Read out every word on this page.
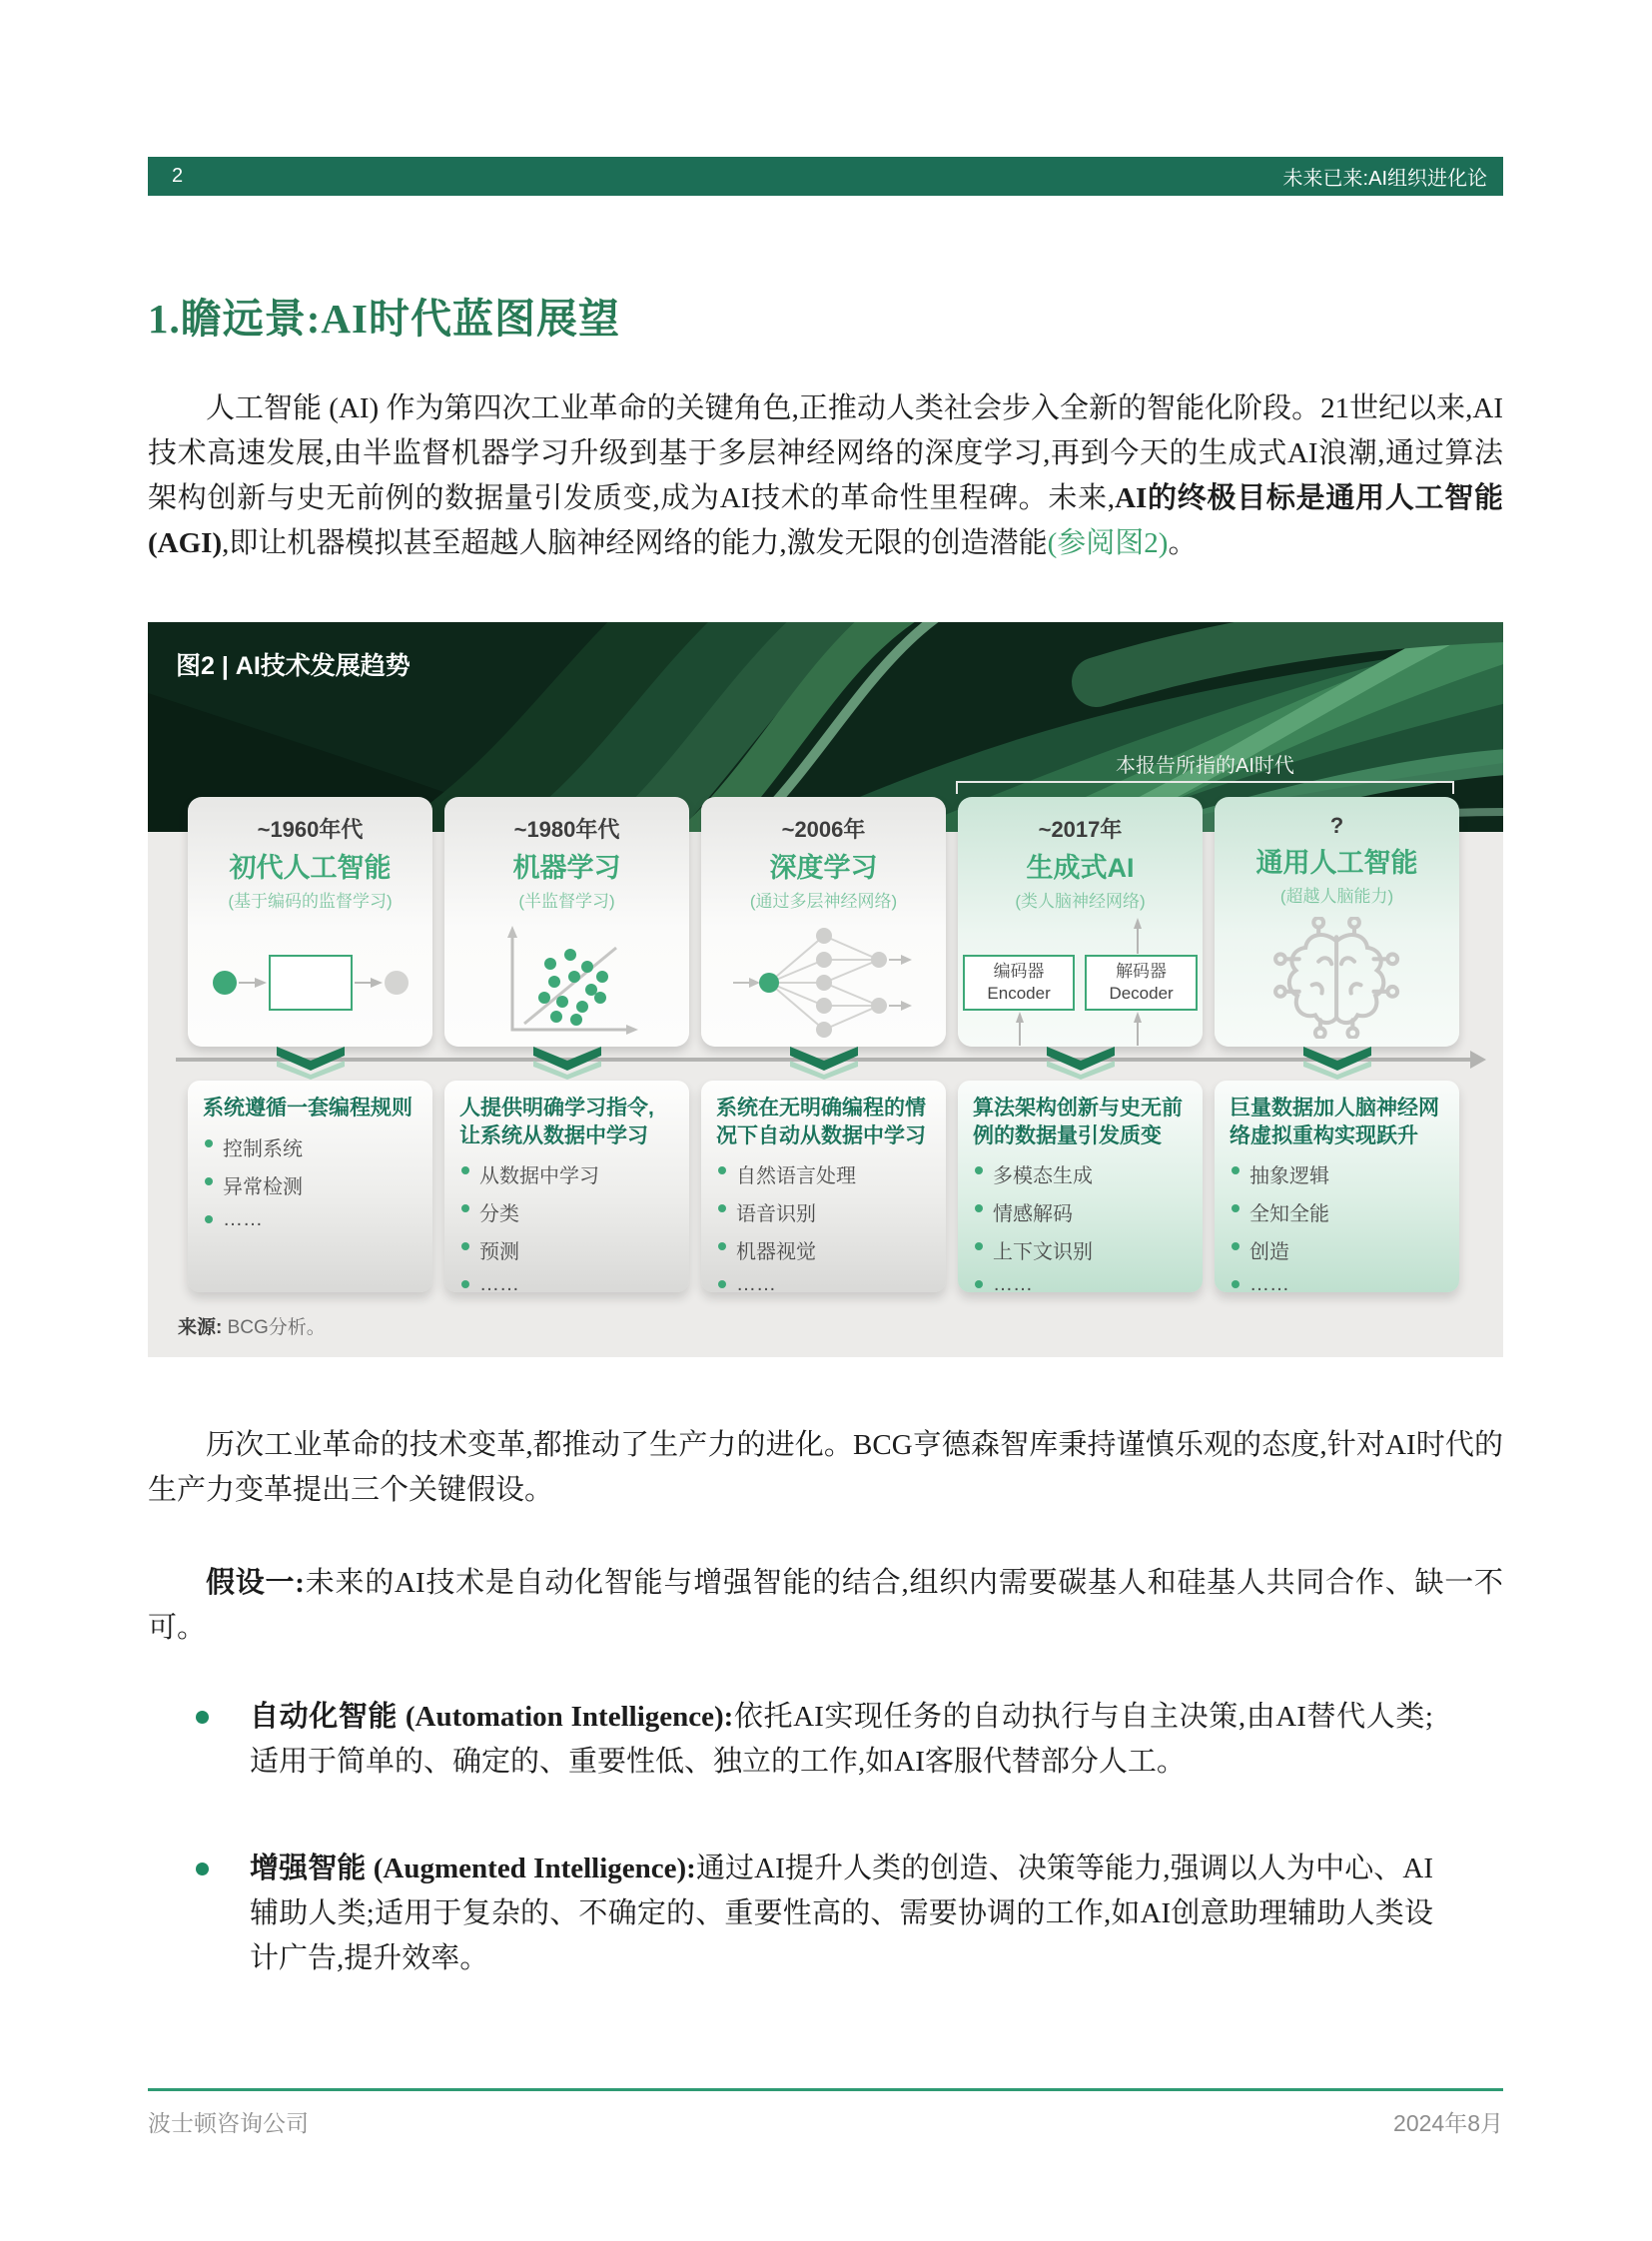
2	未来已来:AI组织进化论
1.瞻远景:AI时代蓝图展望

人工智能 (AI) 作为第四次工业革命的关键角色,正推动人类社会步入全新的智能化阶段。21世纪以来,AI技术高速发展,由半监督机器学习升级到基于多层神经网络的深度学习,再到今天的生成式AI浪潮,通过算法架构创新与史无前例的数据量引发质变,成为AI技术的革命性里程碑。未来,AI的终极目标是通用人工智能 (AGI),即让机器模拟甚至超越人脑神经网络的能力,激发无限的创造潜能(参阅图2)。

图2 | AI技术发展趋势
本报告所指的AI时代
~1960年代
初代人工智能
(基于编码的监督学习)
系统遵循一套编程规则
控制系统
异常检测
……
~1980年代
机器学习
(半监督学习)
人提供明确学习指令,让系统从数据中学习
从数据中学习
分类
预测
……
~2006年
深度学习
(通过多层神经网络)
系统在无明确编程的情况下自动从数据中学习
自然语言处理
语音识别
机器视觉
……
~2017年
生成式AI
(类人脑神经网络)
编码器 Encoder
解码器 Decoder
算法架构创新与史无前例的数据量引发质变
多模态生成
情感解码
上下文识别
……
?
通用人工智能
(超越人脑能力)
巨量数据加人脑神经网络虚拟重构实现跃升
抽象逻辑
全知全能
创造
……
来源: BCG分析。

历次工业革命的技术变革,都推动了生产力的进化。BCG亨德森智库秉持谨慎乐观的态度,针对AI时代的生产力变革提出三个关键假设。

假设一:未来的AI技术是自动化智能与增强智能的结合,组织内需要碳基人和硅基人共同合作、缺一不可。

自动化智能 (Automation Intelligence):依托AI实现任务的自动执行与自主决策,由AI替代人类;适用于简单的、确定的、重要性低、独立的工作,如AI客服代替部分人工。
增强智能 (Augmented Intelligence):通过AI提升人类的创造、决策等能力,强调以人为中心、AI辅助人类;适用于复杂的、不确定的、重要性高的、需要协调的工作,如AI创意助理辅助人类设计广告,提升效率。
波士顿咨询公司	2024年8月
